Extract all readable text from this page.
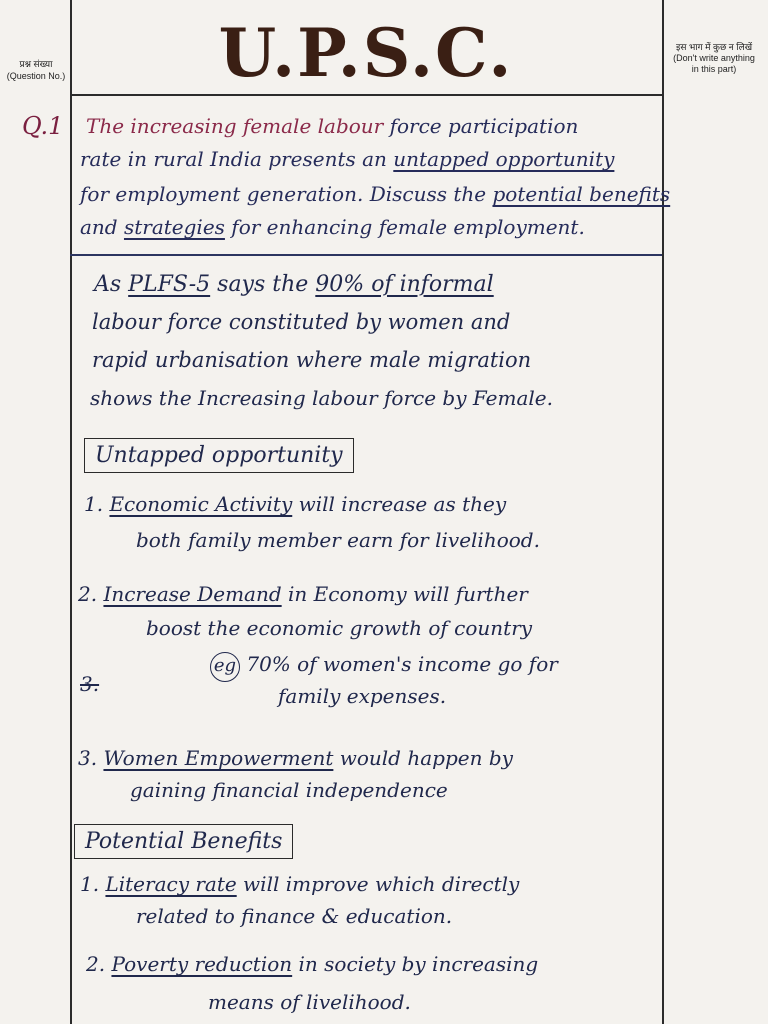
प्रश्न संख्या
(Question No.)	U.P.S.C.	इस भाग में कुछ न लिखें
(Don't write anything
in this part)
Q.1 The increasing female labour force participation
rate in rural India presents an untapped opportunity
for employment generation. Discuss the potential benefits
and strategies for enhancing female employment.
As PLFS-5 says the 90% of informal
labour force constituted by women and
rapid urbanisation where male migration
shows the Increasing labour force by Female.
Untapped opportunity
1. Economic Activity will increase as they
both family member earn for livelihood.
2. Increase Demand in Economy will further
boost the economic growth of country
3.
eg 70% of women's income go for
family expenses.
3. Women Empowerment would happen by
gaining financial independence
Potential Benefits
1. Literacy rate will improve which directly
related to finance & education.
2. Poverty reduction in society by increasing
means of livelihood.
